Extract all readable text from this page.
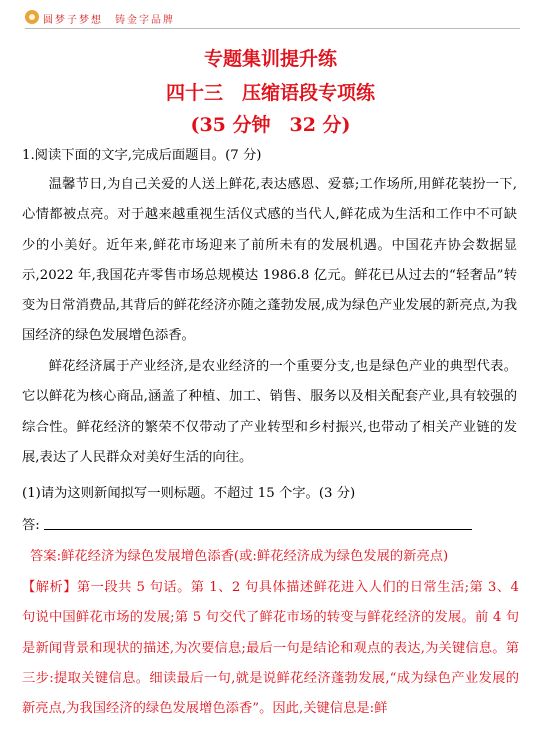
圆梦子梦想　铸金字品牌
专题集训提升练
四十三　压缩语段专项练
(35 分钟　32 分)
1.阅读下面的文字,完成后面题目。(7 分)
温馨节日,为自己关爱的人送上鲜花,表达感恩、爱慕;工作场所,用鲜花装扮一下,心情都被点亮。对于越来越重视生活仪式感的当代人,鲜花成为生活和工作中不可缺少的小美好。近年来,鲜花市场迎来了前所未有的发展机遇。中国花卉协会数据显示,2022 年,我国花卉零售市场总规模达 1986.8 亿元。鲜花已从过去的“轻奢品”转变为日常消费品,其背后的鲜花经济亦随之蓬勃发展,成为绿色产业发展的新亮点,为我国经济的绿色发展增色添香。
鲜花经济属于产业经济,是农业经济的一个重要分支,也是绿色产业的典型代表。它以鲜花为核心商品,涵盖了种植、加工、销售、服务以及相关配套产业,具有较强的综合性。鲜花经济的繁荣不仅带动了产业转型和乡村振兴,也带动了相关产业链的发展,表达了人民群众对美好生活的向往。
(1)请为这则新闻拟写一则标题。不超过 15 个字。(3 分)
答:
答案:鲜花经济为绿色发展增色添香(或:鲜花经济成为绿色发展的新亮点)
【解析】第一段共 5 句话。第 1、2 句具体描述鲜花进入人们的日常生活;第 3、4 句说中国鲜花市场的发展;第 5 句交代了鲜花市场的转变与鲜花经济的发展。前 4 句是新闻背景和现状的描述,为次要信息;最后一句是结论和观点的表达,为关键信息。第三步:提取关键信息。细读最后一句,就是说鲜花经济蓬勃发展,“成为绿色产业发展的新亮点,为我国经济的绿色发展增色添香”。因此,关键信息是:鲜
